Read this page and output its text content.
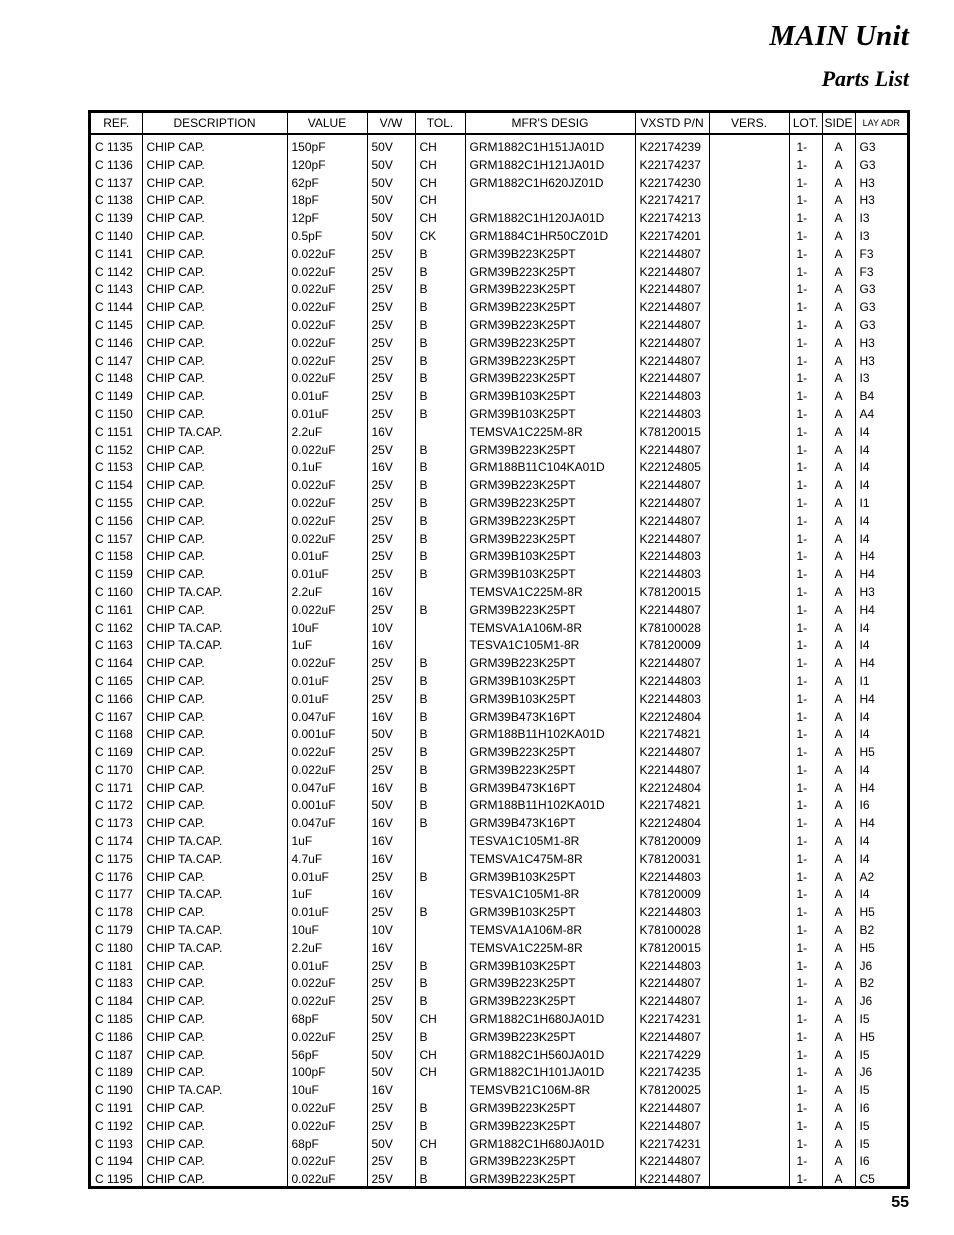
MAIN Unit
Parts List
REF.	DESCRIPTION	VALUE	V/W	TOL.	MFR'S DESIG	VXSTD P/N	VERS.	LOT.	SIDE	LAY ADR
C 1135	CHIP CAP.	150pF	50V	CH	GRM1882C1H151JA01D	K22174239		1-	A	G3
C 1136	CHIP CAP.	120pF	50V	CH	GRM1882C1H121JA01D	K22174237		1-	A	G3
C 1137	CHIP CAP.	62pF	50V	CH	GRM1882C1H620JZ01D	K22174230		1-	A	H3
C 1138	CHIP CAP.	18pF	50V	CH		K22174217		1-	A	H3
C 1139	CHIP CAP.	12pF	50V	CH	GRM1882C1H120JA01D	K22174213		1-	A	I3
C 1140	CHIP CAP.	0.5pF	50V	CK	GRM1884C1HR50CZ01D	K22174201		1-	A	I3
C 1141	CHIP CAP.	0.022uF	25V	B	GRM39B223K25PT	K22144807		1-	A	F3
C 1142	CHIP CAP.	0.022uF	25V	B	GRM39B223K25PT	K22144807		1-	A	F3
C 1143	CHIP CAP.	0.022uF	25V	B	GRM39B223K25PT	K22144807		1-	A	G3
C 1144	CHIP CAP.	0.022uF	25V	B	GRM39B223K25PT	K22144807		1-	A	G3
C 1145	CHIP CAP.	0.022uF	25V	B	GRM39B223K25PT	K22144807		1-	A	G3
C 1146	CHIP CAP.	0.022uF	25V	B	GRM39B223K25PT	K22144807		1-	A	H3
C 1147	CHIP CAP.	0.022uF	25V	B	GRM39B223K25PT	K22144807		1-	A	H3
C 1148	CHIP CAP.	0.022uF	25V	B	GRM39B223K25PT	K22144807		1-	A	I3
C 1149	CHIP CAP.	0.01uF	25V	B	GRM39B103K25PT	K22144803		1-	A	B4
C 1150	CHIP CAP.	0.01uF	25V	B	GRM39B103K25PT	K22144803		1-	A	A4
C 1151	CHIP TA.CAP.	2.2uF	16V		TEMSVA1C225M-8R	K78120015		1-	A	I4
C 1152	CHIP CAP.	0.022uF	25V	B	GRM39B223K25PT	K22144807		1-	A	I4
C 1153	CHIP CAP.	0.1uF	16V	B	GRM188B11C104KA01D	K22124805		1-	A	I4
C 1154	CHIP CAP.	0.022uF	25V	B	GRM39B223K25PT	K22144807		1-	A	I4
C 1155	CHIP CAP.	0.022uF	25V	B	GRM39B223K25PT	K22144807		1-	A	I1
C 1156	CHIP CAP.	0.022uF	25V	B	GRM39B223K25PT	K22144807		1-	A	I4
C 1157	CHIP CAP.	0.022uF	25V	B	GRM39B223K25PT	K22144807		1-	A	I4
C 1158	CHIP CAP.	0.01uF	25V	B	GRM39B103K25PT	K22144803		1-	A	H4
C 1159	CHIP CAP.	0.01uF	25V	B	GRM39B103K25PT	K22144803		1-	A	H4
C 1160	CHIP TA.CAP.	2.2uF	16V		TEMSVA1C225M-8R	K78120015		1-	A	H3
C 1161	CHIP CAP.	0.022uF	25V	B	GRM39B223K25PT	K22144807		1-	A	H4
C 1162	CHIP TA.CAP.	10uF	10V		TEMSVA1A106M-8R	K78100028		1-	A	I4
C 1163	CHIP TA.CAP.	1uF	16V		TESVA1C105M1-8R	K78120009		1-	A	I4
C 1164	CHIP CAP.	0.022uF	25V	B	GRM39B223K25PT	K22144807		1-	A	H4
C 1165	CHIP CAP.	0.01uF	25V	B	GRM39B103K25PT	K22144803		1-	A	I1
C 1166	CHIP CAP.	0.01uF	25V	B	GRM39B103K25PT	K22144803		1-	A	H4
C 1167	CHIP CAP.	0.047uF	16V	B	GRM39B473K16PT	K22124804		1-	A	I4
C 1168	CHIP CAP.	0.001uF	50V	B	GRM188B11H102KA01D	K22174821		1-	A	I4
C 1169	CHIP CAP.	0.022uF	25V	B	GRM39B223K25PT	K22144807		1-	A	H5
C 1170	CHIP CAP.	0.022uF	25V	B	GRM39B223K25PT	K22144807		1-	A	I4
C 1171	CHIP CAP.	0.047uF	16V	B	GRM39B473K16PT	K22124804		1-	A	H4
C 1172	CHIP CAP.	0.001uF	50V	B	GRM188B11H102KA01D	K22174821		1-	A	I6
C 1173	CHIP CAP.	0.047uF	16V	B	GRM39B473K16PT	K22124804		1-	A	H4
C 1174	CHIP TA.CAP.	1uF	16V		TESVA1C105M1-8R	K78120009		1-	A	I4
C 1175	CHIP TA.CAP.	4.7uF	16V		TEMSVA1C475M-8R	K78120031		1-	A	I4
C 1176	CHIP CAP.	0.01uF	25V	B	GRM39B103K25PT	K22144803		1-	A	A2
C 1177	CHIP TA.CAP.	1uF	16V		TESVA1C105M1-8R	K78120009		1-	A	I4
C 1178	CHIP CAP.	0.01uF	25V	B	GRM39B103K25PT	K22144803		1-	A	H5
C 1179	CHIP TA.CAP.	10uF	10V		TEMSVA1A106M-8R	K78100028		1-	A	B2
C 1180	CHIP TA.CAP.	2.2uF	16V		TEMSVA1C225M-8R	K78120015		1-	A	H5
C 1181	CHIP CAP.	0.01uF	25V	B	GRM39B103K25PT	K22144803		1-	A	J6
C 1183	CHIP CAP.	0.022uF	25V	B	GRM39B223K25PT	K22144807		1-	A	B2
C 1184	CHIP CAP.	0.022uF	25V	B	GRM39B223K25PT	K22144807		1-	A	J6
C 1185	CHIP CAP.	68pF	50V	CH	GRM1882C1H680JA01D	K22174231		1-	A	I5
C 1186	CHIP CAP.	0.022uF	25V	B	GRM39B223K25PT	K22144807		1-	A	H5
C 1187	CHIP CAP.	56pF	50V	CH	GRM1882C1H560JA01D	K22174229		1-	A	I5
C 1189	CHIP CAP.	100pF	50V	CH	GRM1882C1H101JA01D	K22174235		1-	A	J6
C 1190	CHIP TA.CAP.	10uF	16V		TEMSVB21C106M-8R	K78120025		1-	A	I5
C 1191	CHIP CAP.	0.022uF	25V	B	GRM39B223K25PT	K22144807		1-	A	I6
C 1192	CHIP CAP.	0.022uF	25V	B	GRM39B223K25PT	K22144807		1-	A	I5
C 1193	CHIP CAP.	68pF	50V	CH	GRM1882C1H680JA01D	K22174231		1-	A	I5
C 1194	CHIP CAP.	0.022uF	25V	B	GRM39B223K25PT	K22144807		1-	A	I6
C 1195	CHIP CAP.	0.022uF	25V	B	GRM39B223K25PT	K22144807		1-	A	C5

55
